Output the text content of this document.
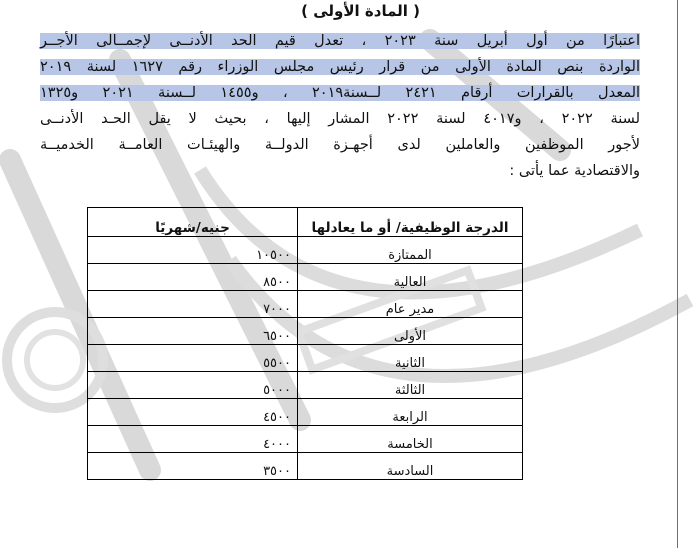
( المادة الأولى )
اعتبارًا من أول أبريل سنة ٢٠٢٣ ، تعدل قيم الحد الأدنــى لإجمــالى الأجــر
الواردة بنص المادة الأولى من قرار رئيس مجلس الوزراء رقم ١٦٢٧ لسنة ٢٠١٩
المعدل بالقرارات أرقام ٢٤٢١ لــسنة٢٠١٩ ، و١٤٥٥ لــسنة ٢٠٢١ و١٣٢٥
لسنة ٢٠٢٢ ، و٤٠١٧ لسنة ٢٠٢٢ المشار إليها ، بحيث لا يقل الحـد الأدنــى
لأجور الموظفين والعاملين لدى أجهـزة الدولــة والهيئـات العامــة الخدميــة
والاقتصادية عما يأتى :
الدرجة الوظيفية/ أو ما يعادلها	جنيه/شهريًا
الممتازة	١٠٥٠٠
العالية	٨٥٠٠
مدير عام	٧٠٠٠
الأولى	٦٥٠٠
الثانية	٥٥٠٠
الثالثة	٥٠٠٠
الرابعة	٤٥٠٠
الخامسة	٤٠٠٠
السادسة	٣٥٠٠
